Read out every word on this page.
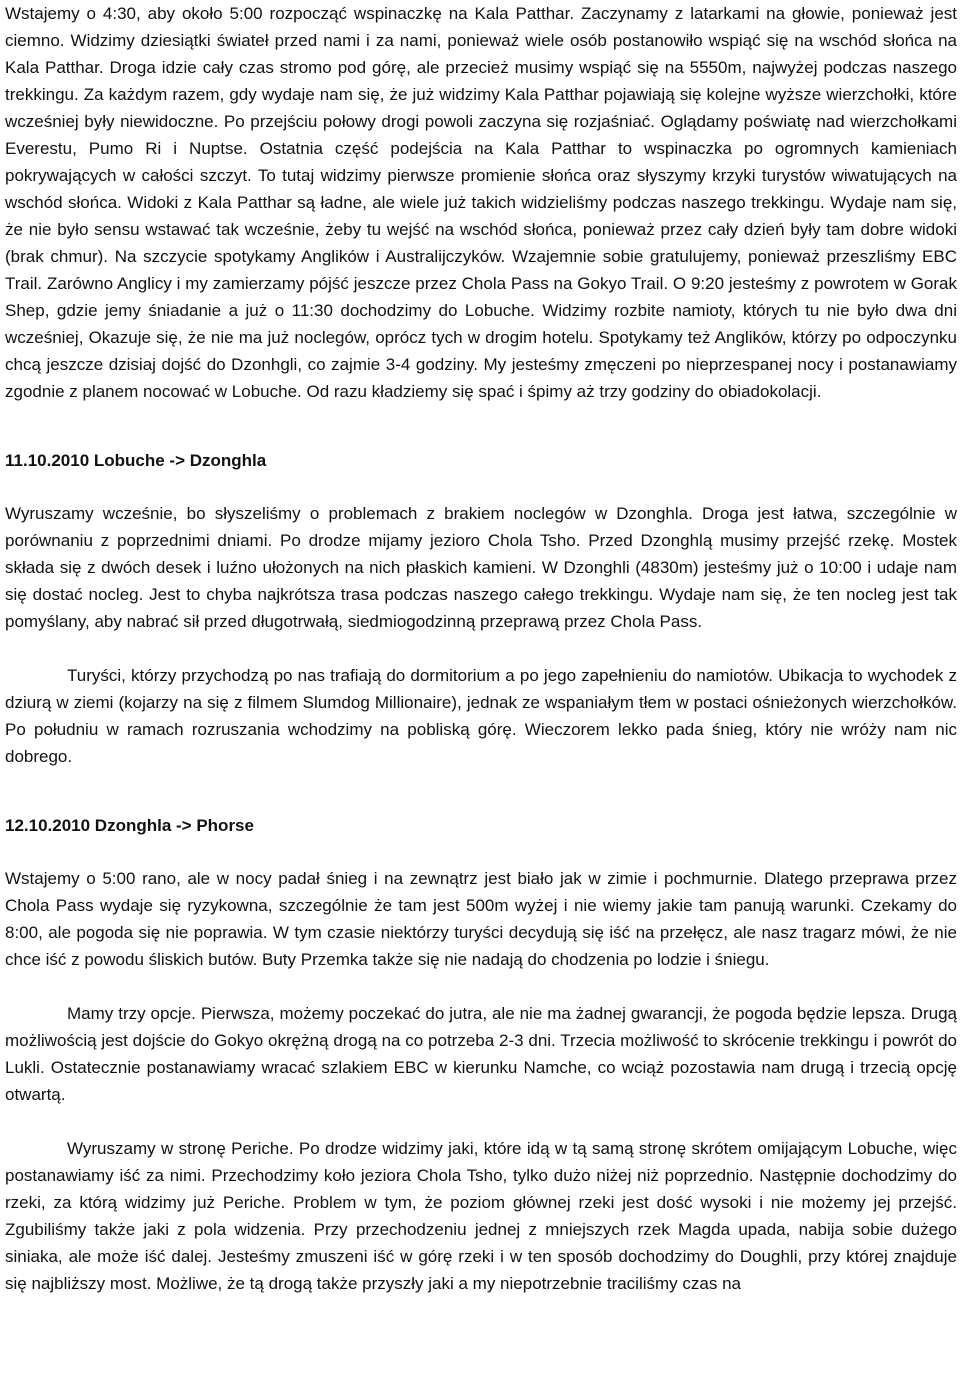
Wstajemy o 4:30, aby około 5:00 rozpocząć wspinaczkę na Kala Patthar. Zaczynamy z latarkami na głowie, ponieważ jest ciemno. Widzimy dziesiątki świateł przed nami i za nami, ponieważ wiele osób postanowiło wspiąć się na wschód słońca na Kala Patthar. Droga idzie cały czas stromo pod górę, ale przecież musimy wspiąć się na 5550m, najwyżej podczas naszego trekkingu. Za każdym razem, gdy wydaje nam się, że już widzimy Kala Patthar pojawiają się kolejne wyższe wierzchołki, które wcześniej były niewidoczne. Po przejściu połowy drogi powoli zaczyna się rozjaśniać. Oglądamy poświatę nad wierzchołkami Everestu, Pumo Ri i Nuptse. Ostatnia część podejścia na Kala Patthar to wspinaczka po ogromnych kamieniach pokrywających w całości szczyt. To tutaj widzimy pierwsze promienie słońca oraz słyszymy krzyki turystów wiwatujących na wschód słońca. Widoki z Kala Patthar są ładne, ale wiele już takich widzieliśmy podczas naszego trekkingu. Wydaje nam się, że nie było sensu wstawać tak wcześnie, żeby tu wejść na wschód słońca, ponieważ przez cały dzień były tam dobre widoki (brak chmur). Na szczycie spotykamy Anglików i Australijczyków. Wzajemnie sobie gratulujemy, ponieważ przeszliśmy EBC Trail. Zarówno Anglicy i my zamierzamy pójść jeszcze przez Chola Pass na Gokyo Trail. O 9:20 jesteśmy z powrotem w Gorak Shep, gdzie jemy śniadanie a już o 11:30 dochodzimy do Lobuche. Widzimy rozbite namioty, których tu nie było dwa dni wcześniej, Okazuje się, że nie ma już noclegów, oprócz tych w drogim hotelu. Spotykamy też Anglików, którzy po odpoczynku chcą jeszcze dzisiaj dojść do Dzonhgli, co zajmie 3-4 godziny. My jesteśmy zmęczeni po nieprzespanej nocy i postanawiamy zgodnie z planem nocować w Lobuche. Od razu kładziemy się spać i śpimy aż trzy godziny do obiadokolacji.

11.10.2010 Lobuche -> Dzonghla

Wyruszamy wcześnie, bo słyszeliśmy o problemach z brakiem noclegów w Dzonghla. Droga jest łatwa, szczególnie w porównaniu z poprzednimi dniami. Po drodze mijamy jezioro Chola Tsho. Przed Dzonghlą musimy przejść rzekę. Mostek składa się z dwóch desek i luźno ułożonych na nich płaskich kamieni. W Dzonghli (4830m) jesteśmy już o 10:00 i udaje nam się dostać nocleg. Jest to chyba najkrótsza trasa podczas naszego całego trekkingu. Wydaje nam się, że ten nocleg jest tak pomyślany, aby nabrać sił przed długotrwałą, siedmiogodzinną przeprawą przez Chola Pass.

Turyści, którzy przychodzą po nas trafiają do dormitorium a po jego zapełnieniu do namiotów. Ubikacja to wychodek z dziurą w ziemi (kojarzy na się z filmem Slumdog Millionaire), jednak ze wspaniałym tłem w postaci ośnieżonych wierzchołków. Po południu w ramach rozruszania wchodzimy na pobliską górę. Wieczorem lekko pada śnieg, który nie wróży nam nic dobrego.

12.10.2010 Dzonghla -> Phorse

Wstajemy o 5:00 rano, ale w nocy padał śnieg i na zewnątrz jest biało jak w zimie i pochmurnie. Dlatego przeprawa przez Chola Pass wydaje się ryzykowna, szczególnie że tam jest 500m wyżej i nie wiemy jakie tam panują warunki. Czekamy do 8:00, ale pogoda się nie poprawia. W tym czasie niektórzy turyści decydują się iść na przełęcz, ale nasz tragarz mówi, że nie chce iść z powodu śliskich butów. Buty Przemka także się nie nadają do chodzenia po lodzie i śniegu.

Mamy trzy opcje. Pierwsza, możemy poczekać do jutra, ale nie ma żadnej gwarancji, że pogoda będzie lepsza. Drugą możliwością jest dojście do Gokyo okrężną drogą na co potrzeba 2-3 dni. Trzecia możliwość to skrócenie trekkingu i powrót do Lukli. Ostatecznie postanawiamy wracać szlakiem EBC w kierunku Namche, co wciąż pozostawia nam drugą i trzecią opcję otwartą.

Wyruszamy w stronę Periche. Po drodze widzimy jaki, które idą w tą samą stronę skrótem omijającym Lobuche, więc postanawiamy iść za nimi. Przechodzimy koło jeziora Chola Tsho, tylko dużo niżej niż poprzednio. Następnie dochodzimy do rzeki, za którą widzimy już Periche. Problem w tym, że poziom głównej rzeki jest dość wysoki i nie możemy jej przejść. Zgubiliśmy także jaki z pola widzenia. Przy przechodzeniu jednej z mniejszych rzek Magda upada, nabija sobie dużego siniaka, ale może iść dalej. Jesteśmy zmuszeni iść w górę rzeki i w ten sposób dochodzimy do Doughli, przy której znajduje się najbliższy most. Możliwe, że tą drogą także przyszły jaki a my niepotrzebnie traciliśmy czas na
